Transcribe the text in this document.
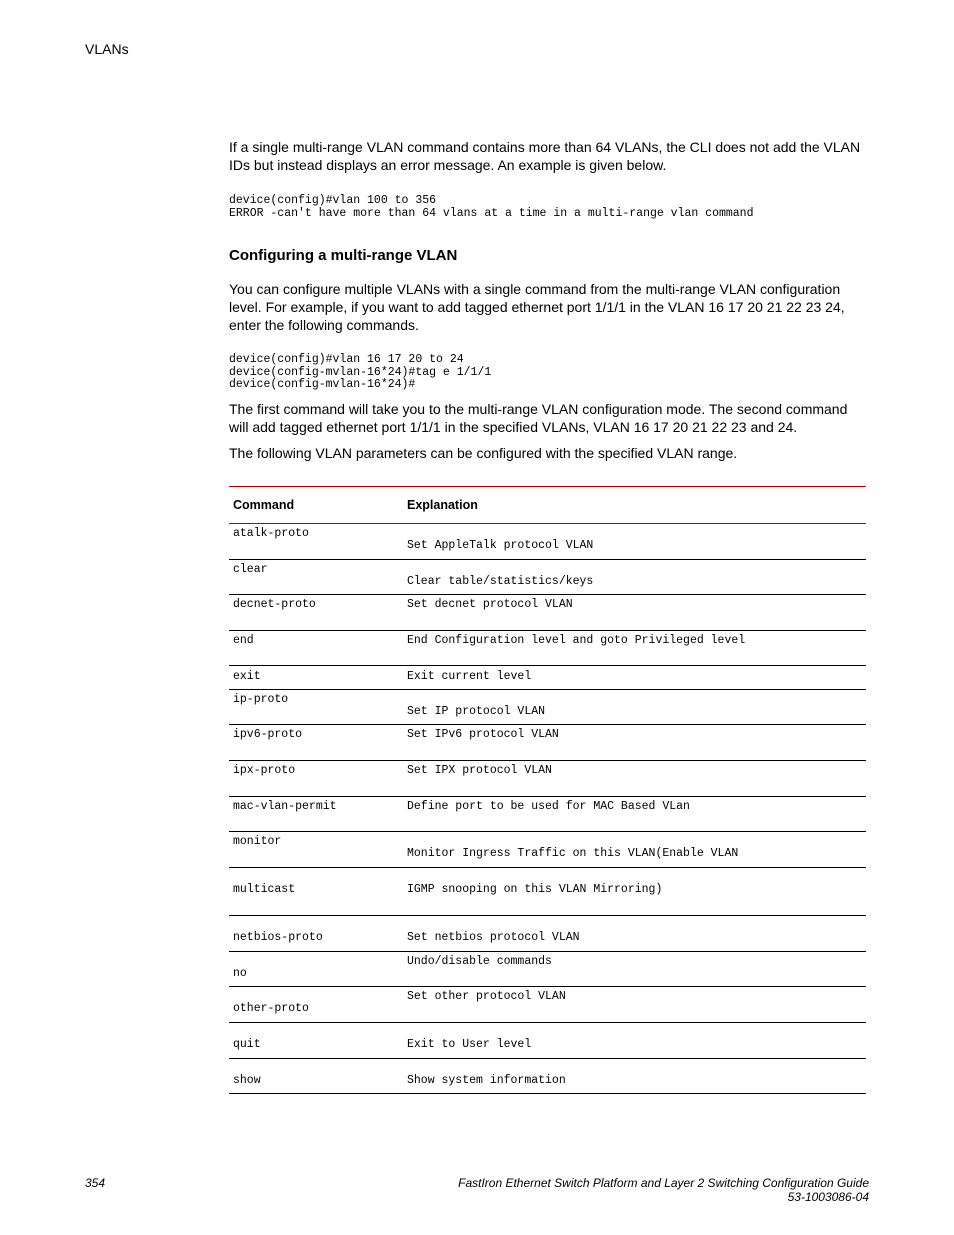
VLANs
If a single multi-range VLAN command contains more than 64 VLANs, the CLI does not add the VLAN IDs but instead displays an error message. An example is given below.
device(config)#vlan 100 to 356
ERROR -can't have more than 64 vlans at a time in a multi-range vlan command
Configuring a multi-range VLAN
You can configure multiple VLANs with a single command from the multi-range VLAN configuration level. For example, if you want to add tagged ethernet port 1/1/1 in the VLAN 16 17 20 21 22 23 24, enter the following commands.
device(config)#vlan 16 17 20 to 24
device(config-mvlan-16*24)#tag e 1/1/1
device(config-mvlan-16*24)#
The first command will take you to the multi-range VLAN configuration mode. The second command will add tagged ethernet port 1/1/1 in the specified VLANs, VLAN 16 17 20 21 22 23 and 24.
The following VLAN parameters can be configured with the specified VLAN range.
Command	Explanation

atalk-proto	Set AppleTalk protocol VLAN

clear	Clear table/statistics/keys

decnet-proto	Set decnet protocol VLAN

end	End Configuration level and goto Privileged level

exit	Exit current level

ip-proto	Set IP protocol VLAN

ipv6-proto	Set IPv6 protocol VLAN

ipx-proto	Set IPX protocol VLAN

mac-vlan-permit	Define port to be used for MAC Based VLan

monitor	Monitor Ingress Traffic on this VLAN(Enable VLAN

multicast	IGMP snooping on this VLAN Mirroring)

netbios-proto	Set netbios protocol VLAN

no	Undo/disable commands

other-proto	Set other protocol VLAN

quit	Exit to User level

show	Show system information
354	FastIron Ethernet Switch Platform and Layer 2 Switching Configuration Guide
53-1003086-04
